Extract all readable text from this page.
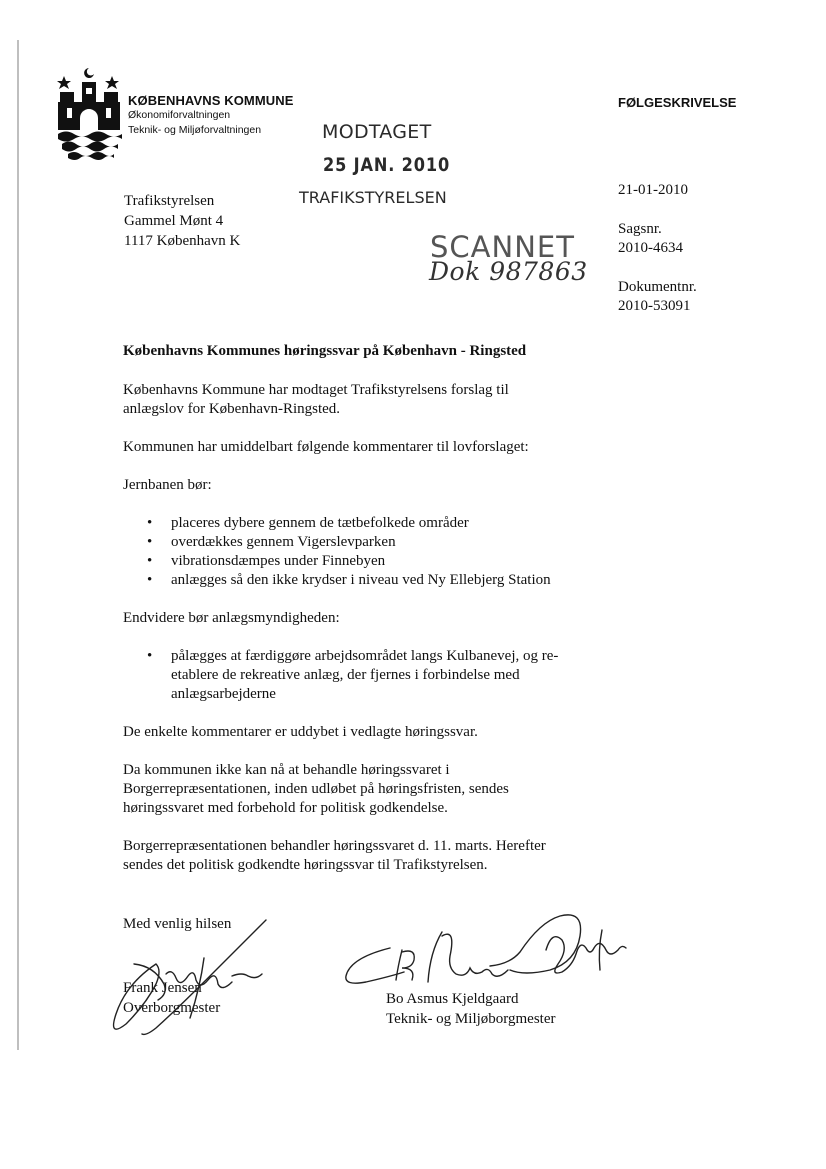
KØBENHAVNS KOMMUNE
Økonomiforvaltningen
Teknik- og Miljøforvaltningen
FØLGESKRIVELSE
MODTAGET
25 JAN. 2010
TRAFIKSTYRELSEN
SCANNET
Dok 987863
Trafikstyrelsen
Gammel Mønt 4
1117 København K
21-01-2010
Sagsnr.
2010-4634
Dokumentnr.
2010-53091

Københavns Kommunes høringssvar på København - Ringsted

Københavns Kommune har modtaget Trafikstyrelsens forslag til anlægslov for København-Ringsted.

Kommunen har umiddelbart følgende kommentarer til lovforslaget:

Jernbanen bør:

• placeres dybere gennem de tætbefolkede områder
• overdækkes gennem Vigerslevparken
• vibrationsdæmpes under Finnebyen
• anlægges så den ikke krydser i niveau ved Ny Ellebjerg Station

Endvidere bør anlægsmyndigheden:

• pålægges at færdiggøre arbejdsområdet langs Kulbanevej, og re-etablere de rekreative anlæg, der fjernes i forbindelse med anlægsarbejderne

De enkelte kommentarer er uddybet i vedlagte høringssvar.

Da kommunen ikke kan nå at behandle høringssvaret i Borgerrepræsentationen, inden udløbet på høringsfristen, sendes høringssvaret med forbehold for politisk godkendelse.

Borgerrepræsentationen behandler høringssvaret d. 11. marts. Herefter sendes det politisk godkendte høringssvar til Trafikstyrelsen.

Med venlig hilsen
Frank Jensen
Overborgmester
Bo Asmus Kjeldgaard
Teknik- og Miljøborgmester
